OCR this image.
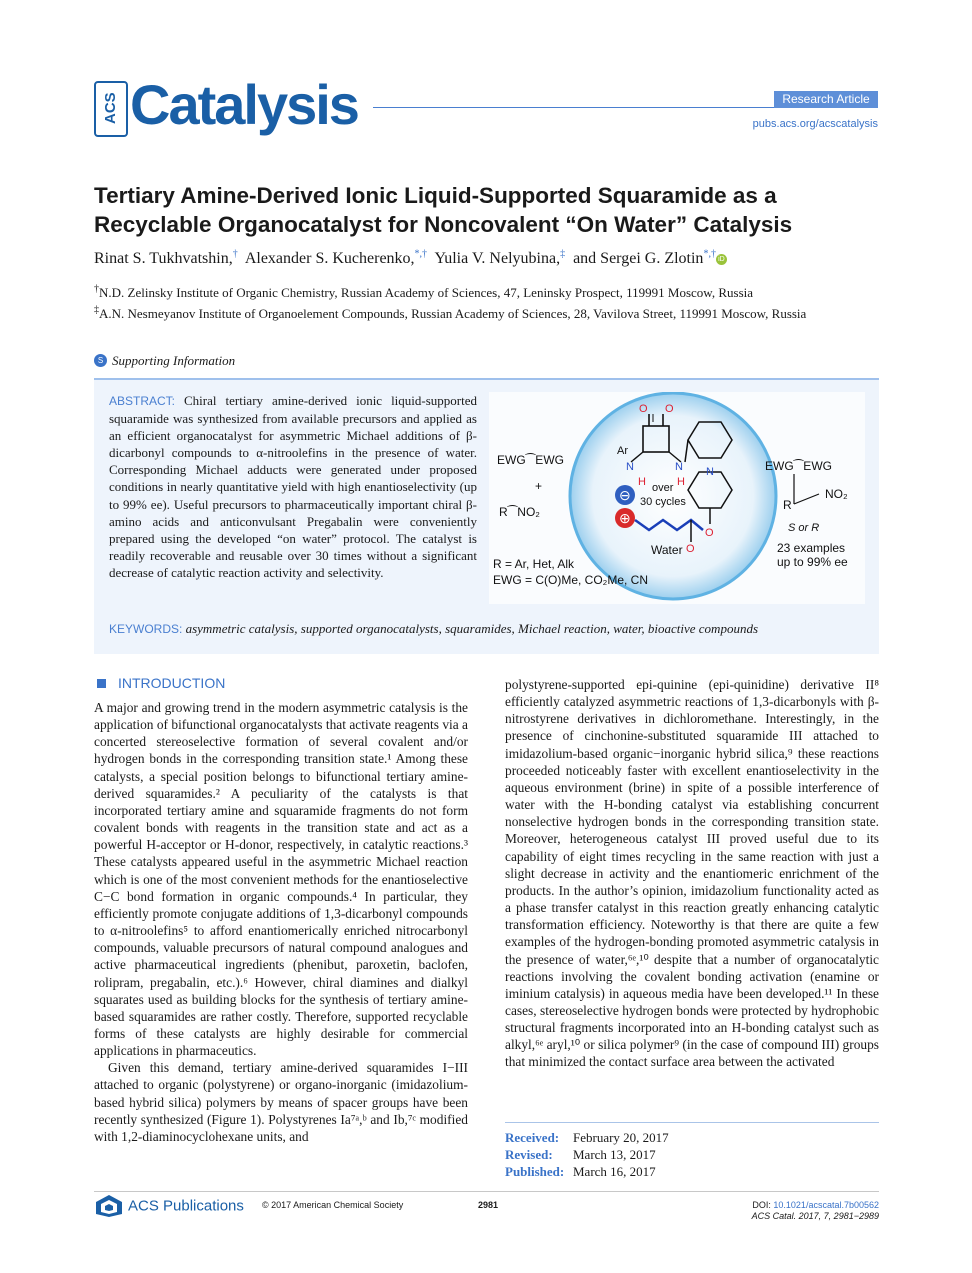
ACS Catalysis	Research Article
pubs.acs.org/acscatalysis
Tertiary Amine-Derived Ionic Liquid-Supported Squaramide as a Recyclable Organocatalyst for Noncovalent “On Water” Catalysis
Rinat S. Tukhvatshin,† Alexander S. Kucherenko,*,† Yulia V. Nelyubina,‡ and Sergei G. Zlotin*,† iD
†N.D. Zelinsky Institute of Organic Chemistry, Russian Academy of Sciences, 47, Leninsky Prospect, 119991 Moscow, Russia
‡A.N. Nesmeyanov Institute of Organoelement Compounds, Russian Academy of Sciences, 28, Vavilova Street, 119991 Moscow, Russia
S Supporting Information
ABSTRACT: Chiral tertiary amine-derived ionic liquid-supported squaramide was synthesized from available precursors and applied as an efficient organocatalyst for asymmetric Michael additions of β-dicarbonyl compounds to α-nitroolefins in the presence of water. Corresponding Michael adducts were generated under proposed conditions in nearly quantitative yield with high enantioselectivity (up to 99% ee). Useful precursors to pharmaceutically important chiral β-amino acids and anticonvulsant Pregabalin were conveniently prepared using the developed “on water” protocol. The catalyst is readily recoverable and reusable over 30 times without a significant decrease of catalytic reaction activity and selectivity.
O O
Ar
N
H
N
H
N
O
⊖
⊕
O
over
30 cycles
Water
EWG⁀EWG
+
R⁀NO₂
EWG⁀EWG
R
NO₂
S or R
23 examples
up to 99% ee
R = Ar, Het, Alk
EWG = C(O)Me, CO₂Me, CN
KEYWORDS: asymmetric catalysis, supported organocatalysts, squaramides, Michael reaction, water, bioactive compounds
INTRODUCTION

A major and growing trend in the modern asymmetric catalysis is the application of bifunctional organocatalysts that activate reagents via a concerted stereoselective formation of several covalent and/or hydrogen bonds in the corresponding transition state.¹ Among these catalysts, a special position belongs to bifunctional tertiary amine-derived squaramides.² A peculiarity of the catalysts is that incorporated tertiary amine and squaramide fragments do not form covalent bonds with reagents in the transition state and act as a powerful H-acceptor or H-donor, respectively, in catalytic reactions.³ These catalysts appeared useful in the asymmetric Michael reaction which is one of the most convenient methods for the enantioselective C−C bond formation in organic compounds.⁴ In particular, they efficiently promote conjugate additions of 1,3-dicarbonyl compounds to α-nitroolefins⁵ to afford enantiomerically enriched nitrocarbonyl compounds, valuable precursors of natural compound analogues and active pharmaceutical ingredients (phenibut, paroxetin, baclofen, rolipram, pregabalin, etc.).⁶ However, chiral diamines and dialkyl squarates used as building blocks for the synthesis of tertiary amine-based squaramides are rather costly. Therefore, supported recyclable forms of these catalysts are highly desirable for commercial applications in pharmaceutics.

Given this demand, tertiary amine-derived squaramides I−III attached to organic (polystyrene) or organo-inorganic (imidazolium-based hybrid silica) polymers by means of spacer groups have been recently synthesized (Figure 1). Polystyrenes Ia⁷ᵃ,ᵇ and Ib,⁷ᶜ modified with 1,2-diaminocyclohexane units, and

polystyrene-supported epi-quinine (epi-quinidine) derivative II⁸ efficiently catalyzed asymmetric reactions of 1,3-dicarbonyls with β-nitrostyrene derivatives in dichloromethane. Interestingly, in the presence of cinchonine-substituted squaramide III attached to imidazolium-based organic−inorganic hybrid silica,⁹ these reactions proceeded noticeably faster with excellent enantioselectivity in the aqueous environment (brine) in spite of a possible interference of water with the H-bonding catalyst via establishing concurrent nonselective hydrogen bonds in the corresponding transition state. Moreover, heterogeneous catalyst III proved useful due to its capability of eight times recycling in the same reaction with just a slight decrease in activity and the enantiomeric enrichment of the products. In the author’s opinion, imidazolium functionality acted as a phase transfer catalyst in this reaction greatly enhancing catalytic transformation efficiency. Noteworthy is that there are quite a few examples of the hydrogen-bonding promoted asymmetric catalysis in the presence of water,⁶ᵉ,¹⁰ despite that a number of organocatalytic reactions involving the covalent bonding activation (enamine or iminium catalysis) in aqueous media have been developed.¹¹ In these cases, stereoselective hydrogen bonds were protected by hydrophobic structural fragments incorporated into an H-bonding catalyst such as alkyl,⁶ᵉ aryl,¹⁰ or silica polymer⁹ (in the case of compound III) groups that minimized the contact surface area between the activated

Received: February 20, 2017
Revised: March 13, 2017
Published: March 16, 2017
ACS Publications © 2017 American Chemical Society	2981	DOI: 10.1021/acscatal.7b00562
ACS Catal. 2017, 7, 2981−2989
